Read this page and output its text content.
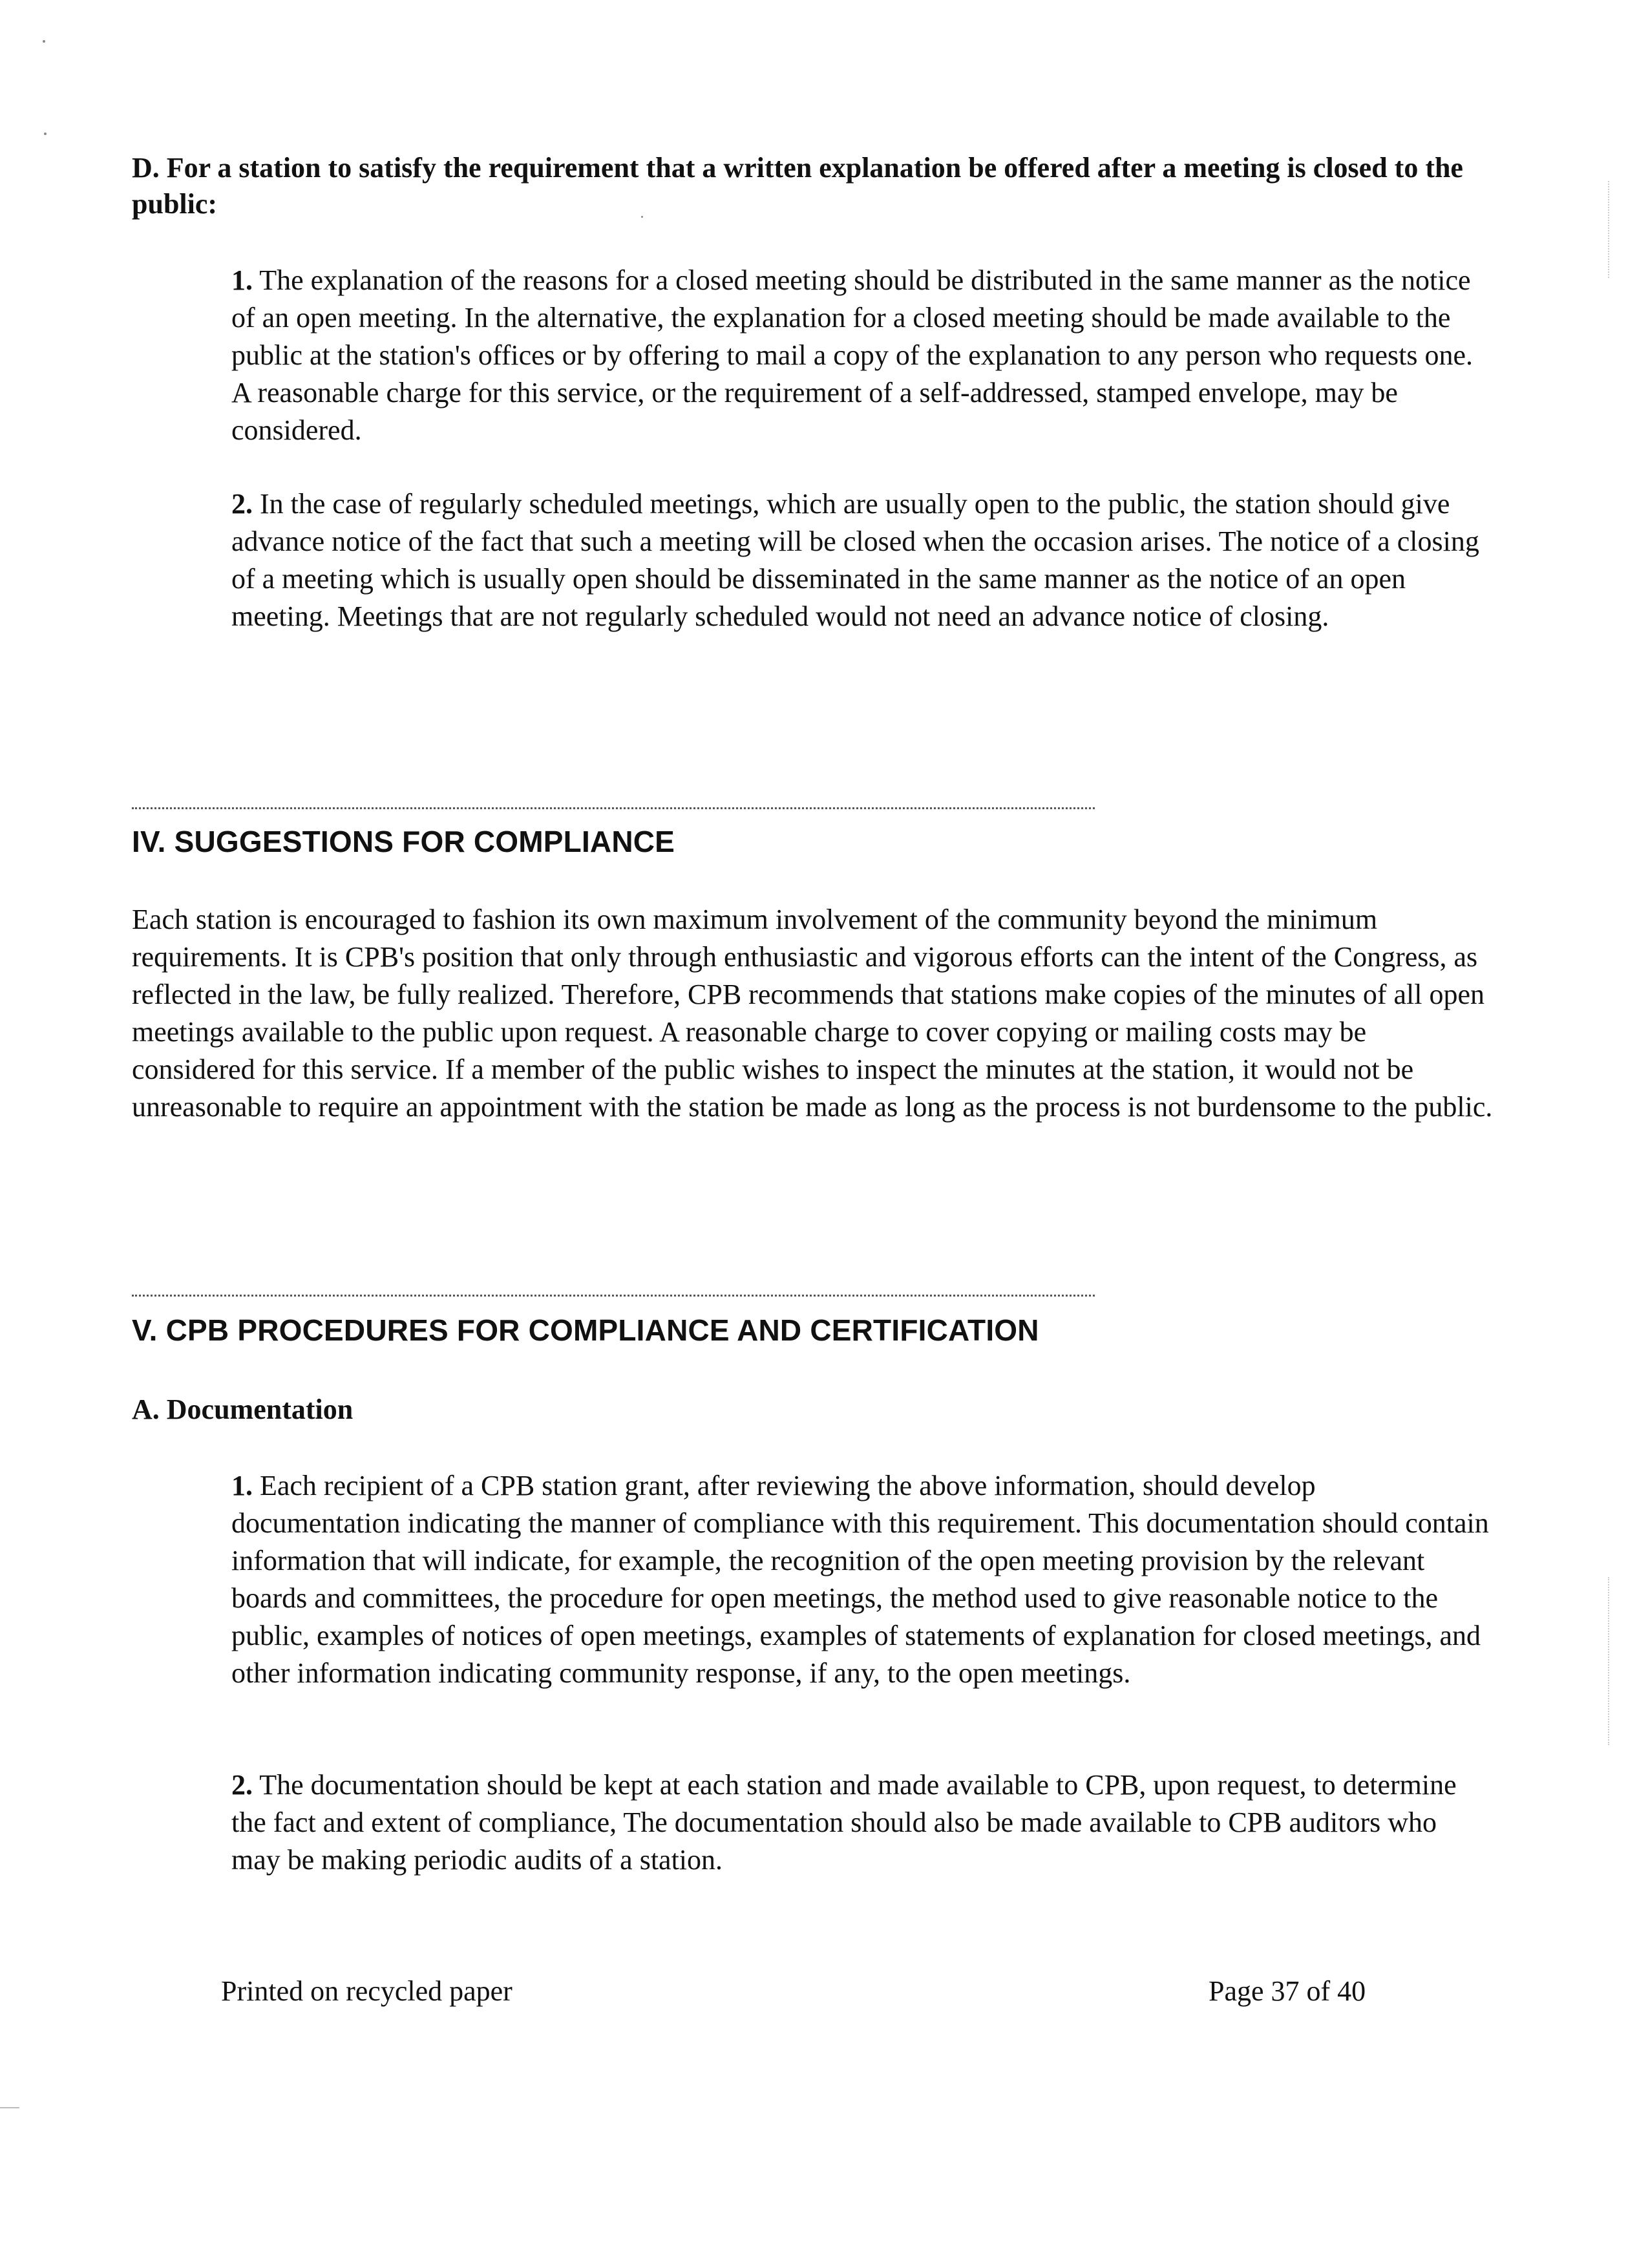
D. For a station to satisfy the requirement that a written explanation be offered after a meeting is closed to the public:

1. The explanation of the reasons for a closed meeting should be distributed in the same manner as the notice of an open meeting. In the alternative, the explanation for a closed meeting should be made available to the public at the station's offices or by offering to mail a copy of the explanation to any person who requests one. A reasonable charge for this service, or the requirement of a self-addressed, stamped envelope, may be considered.

2. In the case of regularly scheduled meetings, which are usually open to the public, the station should give advance notice of the fact that such a meeting will be closed when the occasion arises. The notice of a closing of a meeting which is usually open should be disseminated in the same manner as the notice of an open meeting. Meetings that are not regularly scheduled would not need an advance notice of closing.

IV. SUGGESTIONS FOR COMPLIANCE

Each station is encouraged to fashion its own maximum involvement of the community beyond the minimum requirements. It is CPB's position that only through enthusiastic and vigorous efforts can the intent of the Congress, as reflected in the law, be fully realized. Therefore, CPB recommends that stations make copies of the minutes of all open meetings available to the public upon request. A reasonable charge to cover copying or mailing costs may be considered for this service. If a member of the public wishes to inspect the minutes at the station, it would not be unreasonable to require an appointment with the station be made as long as the process is not burdensome to the public.

V. CPB PROCEDURES FOR COMPLIANCE AND CERTIFICATION
A. Documentation

1. Each recipient of a CPB station grant, after reviewing the above information, should develop documentation indicating the manner of compliance with this requirement. This documentation should contain information that will indicate, for example, the recognition of the open meeting provision by the relevant boards and committees, the procedure for open meetings, the method used to give reasonable notice to the public, examples of notices of open meetings, examples of statements of explanation for closed meetings, and other information indicating community response, if any, to the open meetings.

2. The documentation should be kept at each station and made available to CPB, upon request, to determine the fact and extent of compliance, The documentation should also be made available to CPB auditors who may be making periodic audits of a station.

Printed on recycled paper	Page 37 of 40
